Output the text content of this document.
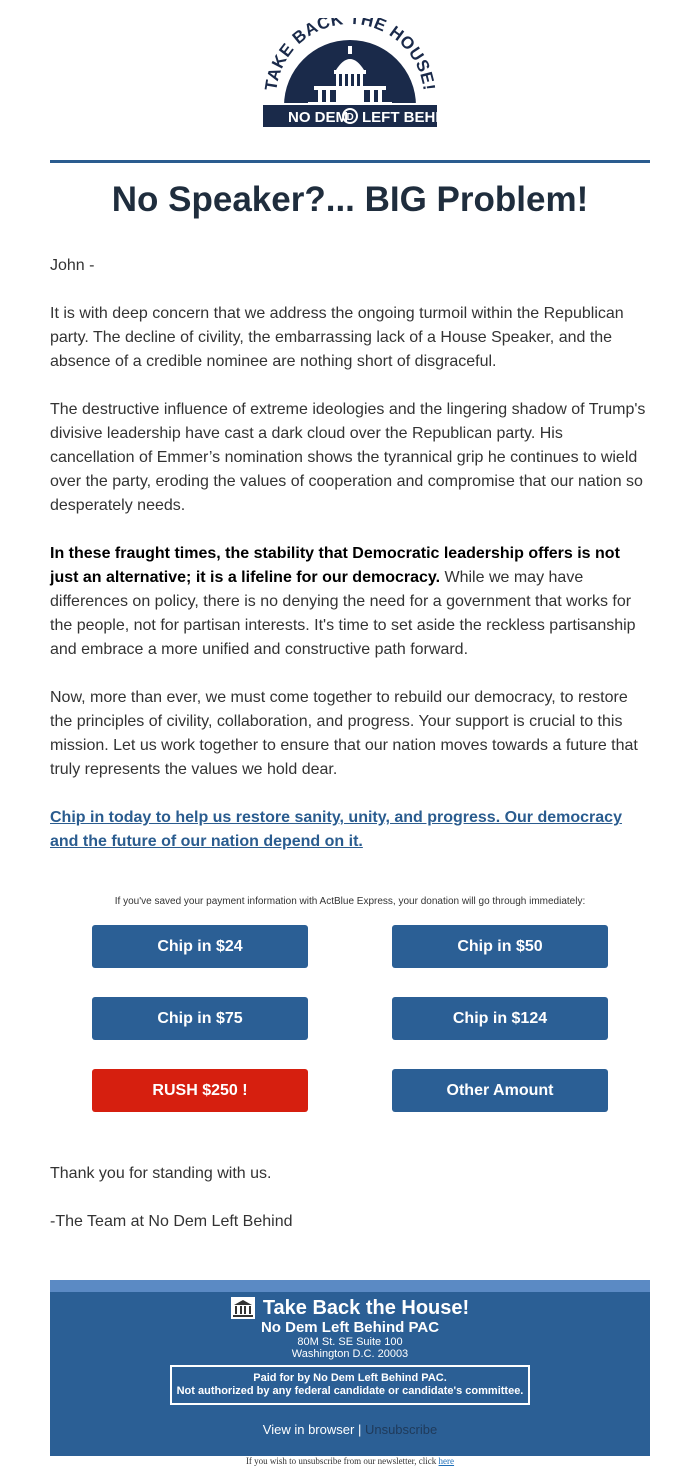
TAKE BACK THE HOUSE!
NO DEM
D LEFT BEHI
No Speaker?... BIG Problem!

John -

It is with deep concern that we address the ongoing turmoil within the Republican party. The decline of civility, the embarrassing lack of a House Speaker, and the absence of a credible nominee are nothing short of disgraceful.

The destructive influence of extreme ideologies and the lingering shadow of Trump's divisive leadership have cast a dark cloud over the Republican party. His cancellation of Emmer’s nomination shows the tyrannical grip he continues to wield over the party, eroding the values of cooperation and compromise that our nation so desperately needs.

In these fraught times, the stability that Democratic leadership offers is not just an alternative; it is a lifeline for our democracy. While we may have differences on policy, there is no denying the need for a government that works for the people, not for partisan interests. It's time to set aside the reckless partisanship and embrace a more unified and constructive path forward.

Now, more than ever, we must come together to rebuild our democracy, to restore the principles of civility, collaboration, and progress. Your support is crucial to this mission. Let us work together to ensure that our nation moves towards a future that truly represents the values we hold dear.

Chip in today to help us restore sanity, unity, and progress. Our democracy and the future of our nation depend on it.

If you've saved your payment information with ActBlue Express, your donation will go through immediately:
Chip in $24	Chip in $50
Chip in $75	Chip in $124
RUSH $250 !	Other Amount
Thank you for standing with us.
-The Team at No Dem Left Behind
Take Back the House!
No Dem Left Behind PAC
80M St. SE Suite 100
Washington D.C. 20003
Paid for by No Dem Left Behind PAC.
Not authorized by any federal candidate or candidate's committee.
View in browser | Unsubscribe
If you wish to unsubscribe from our newsletter, click here
